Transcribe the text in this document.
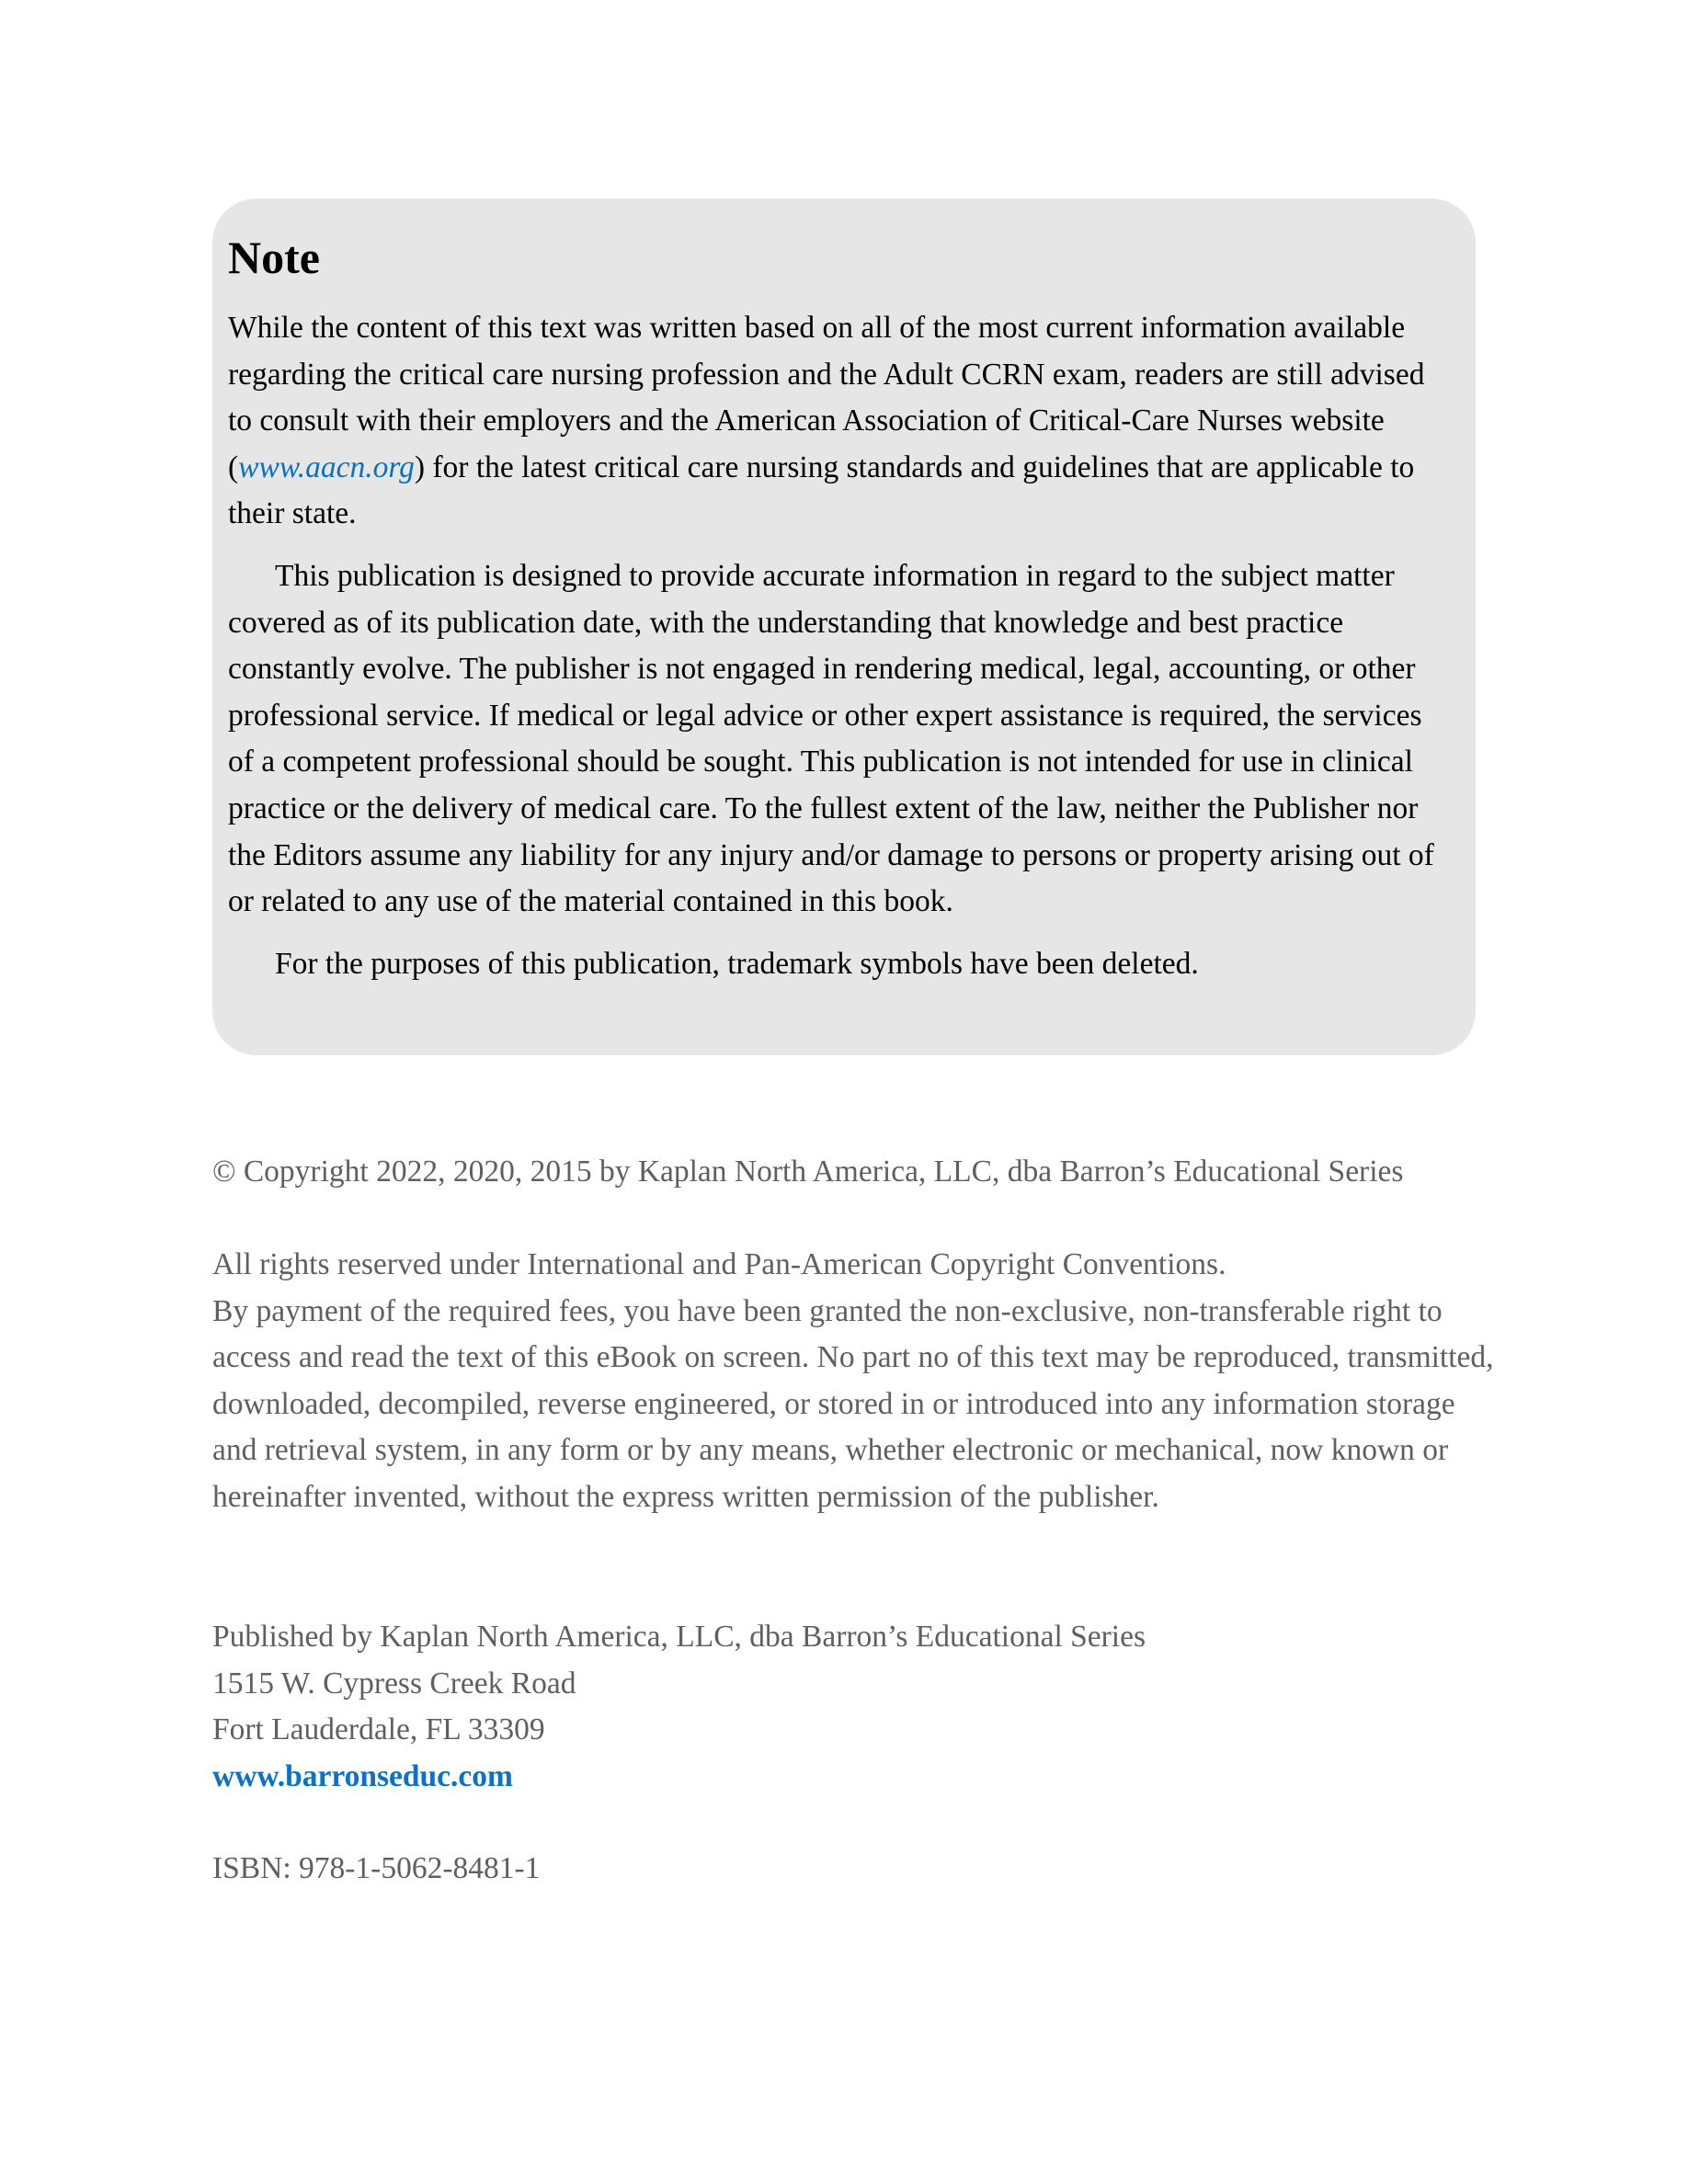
Note

While the content of this text was written based on all of the most current information available regarding the critical care nursing profession and the Adult CCRN exam, readers are still advised to consult with their employers and the American Association of Critical-Care Nurses website (www.aacn.org) for the latest critical care nursing standards and guidelines that are applicable to their state.

This publication is designed to provide accurate information in regard to the subject matter covered as of its publication date, with the understanding that knowledge and best practice constantly evolve. The publisher is not engaged in rendering medical, legal, accounting, or other professional service. If medical or legal advice or other expert assistance is required, the services of a competent professional should be sought. This publication is not intended for use in clinical practice or the delivery of medical care. To the fullest extent of the law, neither the Publisher nor the Editors assume any liability for any injury and/or damage to persons or property arising out of or related to any use of the material contained in this book.

For the purposes of this publication, trademark symbols have been deleted.

© Copyright 2022, 2020, 2015 by Kaplan North America, LLC, dba Barron’s Educational Series

All rights reserved under International and Pan-American Copyright Conventions.

By payment of the required fees, you have been granted the non-exclusive, non-transferable right to access and read the text of this eBook on screen. No part no of this text may be reproduced, transmitted, downloaded, decompiled, reverse engineered, or stored in or introduced into any information storage and retrieval system, in any form or by any means, whether electronic or mechanical, now known or hereinafter invented, without the express written permission of the publisher.

Published by Kaplan North America, LLC, dba Barron’s Educational Series

1515 W. Cypress Creek Road

Fort Lauderdale, FL 33309

www.barronseduc.com

ISBN: 978-1-5062-8481-1
